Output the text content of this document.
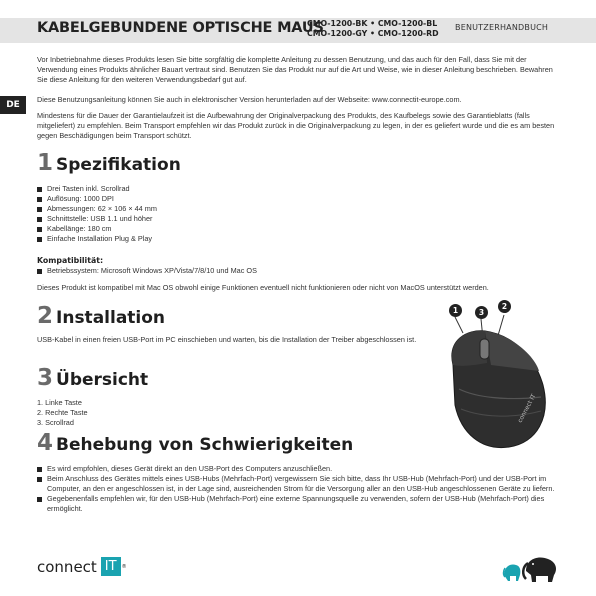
KABELGEBUNDENE OPTISCHE MAUS
CMO-1200-BK • CMO-1200-BL
CMO-1200-GY • CMO-1200-RD
BENUTZERHANDBUCH
DE

Vor Inbetriebnahme dieses Produkts lesen Sie bitte sorgfältig die komplette Anleitung zu dessen Benutzung, und das auch für den Fall, dass Sie mit der Verwendung eines Produkts ähnlicher Bauart vertraut sind. Benutzen Sie das Produkt nur auf die Art und Weise, wie in dieser Anleitung beschrieben. Bewahren Sie diese Anleitung für den weiteren Verwendungsbedarf gut auf.

Diese Benutzungsanleitung können Sie auch in elektronischer Version herunterladen auf der Webseite: www.connectit-europe.com.

Mindestens für die Dauer der Garantielaufzeit ist die Aufbewahrung der Originalverpackung des Produkts, des Kaufbelegs sowie des Garantieblatts (falls mitgeliefert) zu empfehlen. Beim Transport empfehlen wir das Produkt zurück in die Originalverpackung zu legen, in der es geliefert wurde und die es am besten gegen Beschädigungen beim Transport schützt.

1 Spezifikation
Drei Tasten inkl. Scrollrad
Auflösung: 1000 DPI
Abmessungen: 62 × 106 × 44 mm
Schnittstelle: USB 1.1 und höher
Kabellänge: 180 cm
Einfache Installation Plug & Play
Kompatibilität:
Betriebssystem: Microsoft Windows XP/Vista/7/8/10 und Mac OS

Dieses Produkt ist kompatibel mit Mac OS obwohl einige Funktionen eventuell nicht funktionieren oder nicht von MacOS unterstützt werden.

2 Installation

USB-Kabel in einen freien USB-Port im PC einschieben und warten, bis die Installation der Treiber abgeschlossen ist.

3 Übersicht
1. Linke Taste
2. Rechte Taste
3. Scrollrad
1	3
2
connect IT
4 Behebung von Schwierigkeiten
Es wird empfohlen, dieses Gerät direkt an den USB-Port des Computers anzuschließen.
Beim Anschluss des Gerätes mittels eines USB-Hubs (Mehrfach-Port) vergewissern Sie sich bitte, dass Ihr USB-Hub (Mehrfach-Port) und der USB-Port im Computer, an den er angeschlossen ist, in der Lage sind, ausreichenden Strom für die Versorgung aller an den USB-Hub angeschlossenen Geräte zu liefern.
Gegebenenfalls empfehlen wir, für den USB-Hub (Mehrfach-Port) eine externe Spannungsquelle zu verwenden, sofern der USB-Hub (Mehrfach-Port) dies ermöglicht.
connect IT	®
